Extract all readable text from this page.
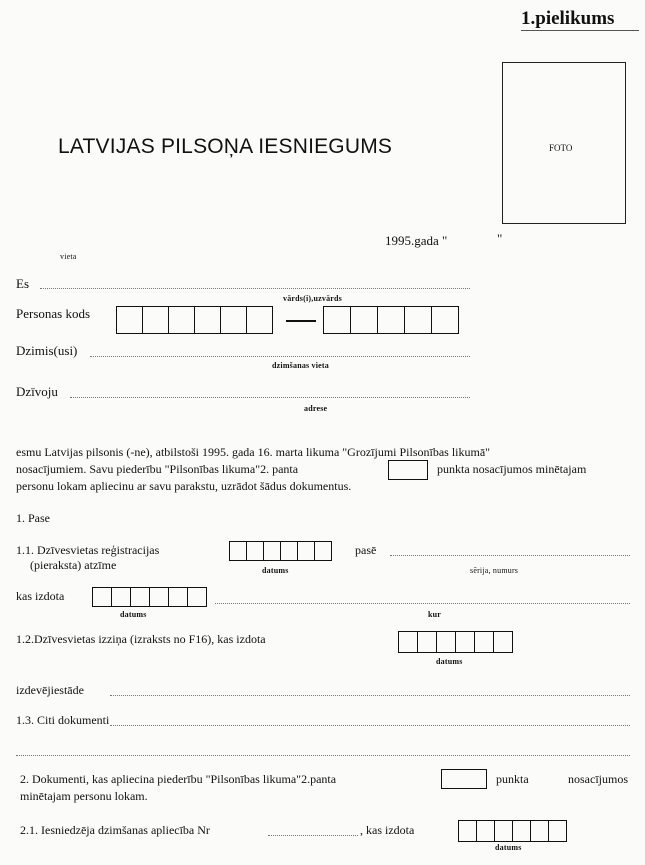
1.pielikums
FOTO
LATVIJAS PILSOŅA IESNIEGUMS
1995.gada "	"
vieta
Es
vārds(i),uzvārds
Personas kods
Dzimis(usi)
dzimšanas vieta
Dzīvoju
adrese
esmu Latvijas pilsonis (-ne), atbilstoši 1995. gada 16. marta likuma "Grozījumi Pilsonības likumā"
nosacījumiem. Savu piederību "Pilsonības likuma"2. panta	punkta nosacījumos minētajam
personu lokam apliecinu ar savu parakstu, uzrādot šādus dokumentus.
1. Pase
1.1. Dzīvesvietas reģistracijas
(pieraksta) atzīme	datums
pasē
sērija, numurs
kas izdota
datums	kur
1.2.Dzīvesvietas izziņa (izraksts no F16), kas izdota
datums
izdevējiestāde
1.3. Citi dokumenti
2. Dokumenti, kas apliecina piederību "Pilsonības likuma"2.panta	punkta	nosacījumos
minētajam personu lokam.
2.1. Iesniedzēja dzimšanas apliecība Nr	, kas izdota
datums
